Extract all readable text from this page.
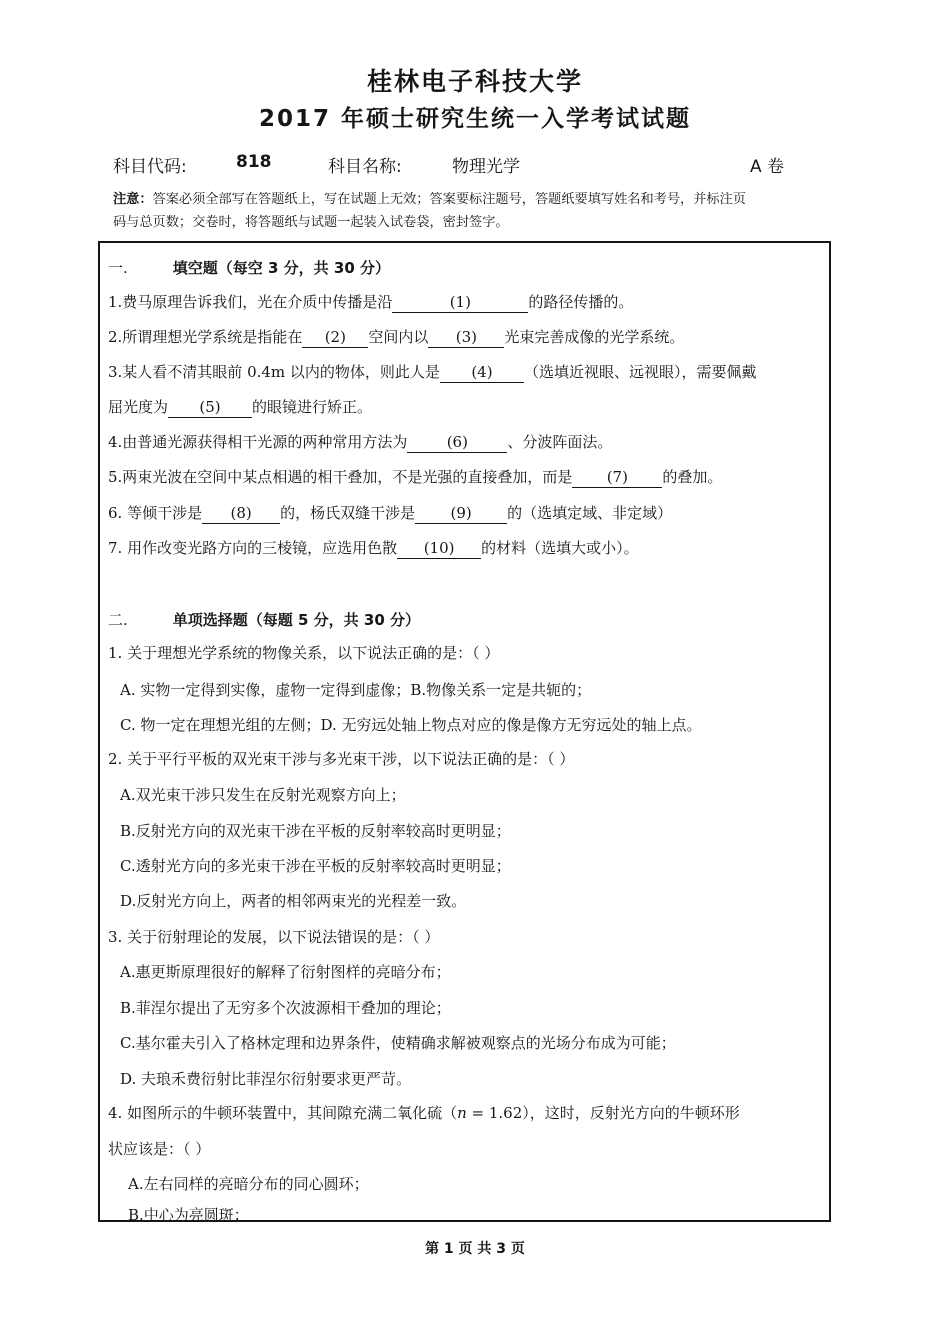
桂林电子科技大学
2017 年硕士研究生统一入学考试试题
科目代码:	818	科目名称:	物理光学	A 卷
注意：答案必须全部写在答题纸上，写在试题上无效；答案要标注题号，答题纸要填写姓名和考号，并标注页
码与总页数；交卷时，将答题纸与试题一起装入试卷袋，密封签字。
一.	填空题（每空 3 分，共 30 分）
1.费马原理告诉我们，光在介质中传播是沿	(1)	的路径传播的。
2.所谓理想光学系统是指能在 (2) 空间内以 (3) 光束完善成像的光学系统。
3.某人看不清其眼前 0.4m 以内的物体，则此人是 (4) （选填近视眼、远视眼），需要佩戴
屈光度为 (5) 的眼镜进行矫正。
4.由普通光源获得相干光源的两种常用方法为	(6)	、分波阵面法。
5.两束光波在空间中某点相遇的相干叠加，不是光强的直接叠加，而是 (7) 的叠加。
6. 等倾干涉是 (8) 的，杨氏双缝干涉是 (9) 的（选填定域、非定域）
7. 用作改变光路方向的三棱镜，应选用色散 (10) 的材料（选填大或小）。
二.	单项选择题（每题 5 分，共 30 分）
1. 关于理想光学系统的物像关系，以下说法正确的是：（ ）
A. 实物一定得到实像，虚物一定得到虚像；B.物像关系一定是共轭的；
C. 物一定在理想光组的左侧；D. 无穷远处轴上物点对应的像是像方无穷远处的轴上点。
2. 关于平行平板的双光束干涉与多光束干涉，以下说法正确的是：（ ）
A.双光束干涉只发生在反射光观察方向上；
B.反射光方向的双光束干涉在平板的反射率较高时更明显；
C.透射光方向的多光束干涉在平板的反射率较高时更明显；
D.反射光方向上，两者的相邻两束光的光程差一致。
3. 关于衍射理论的发展，以下说法错误的是：（ ）
A.惠更斯原理很好的解释了衍射图样的亮暗分布；
B.菲涅尔提出了无穷多个次波源相干叠加的理论；
C.基尔霍夫引入了格林定理和边界条件，使精确求解被观察点的光场分布成为可能；
D. 夫琅禾费衍射比菲涅尔衍射要求更严苛。
4. 如图所示的牛顿环装置中，其间隙充满二氧化硫（n = 1.62），这时，反射光方向的牛顿环形
状应该是：（ ）
A.左右同样的亮暗分布的同心圆环；
B.中心为亮圆斑；
第 1 页 共 3 页
